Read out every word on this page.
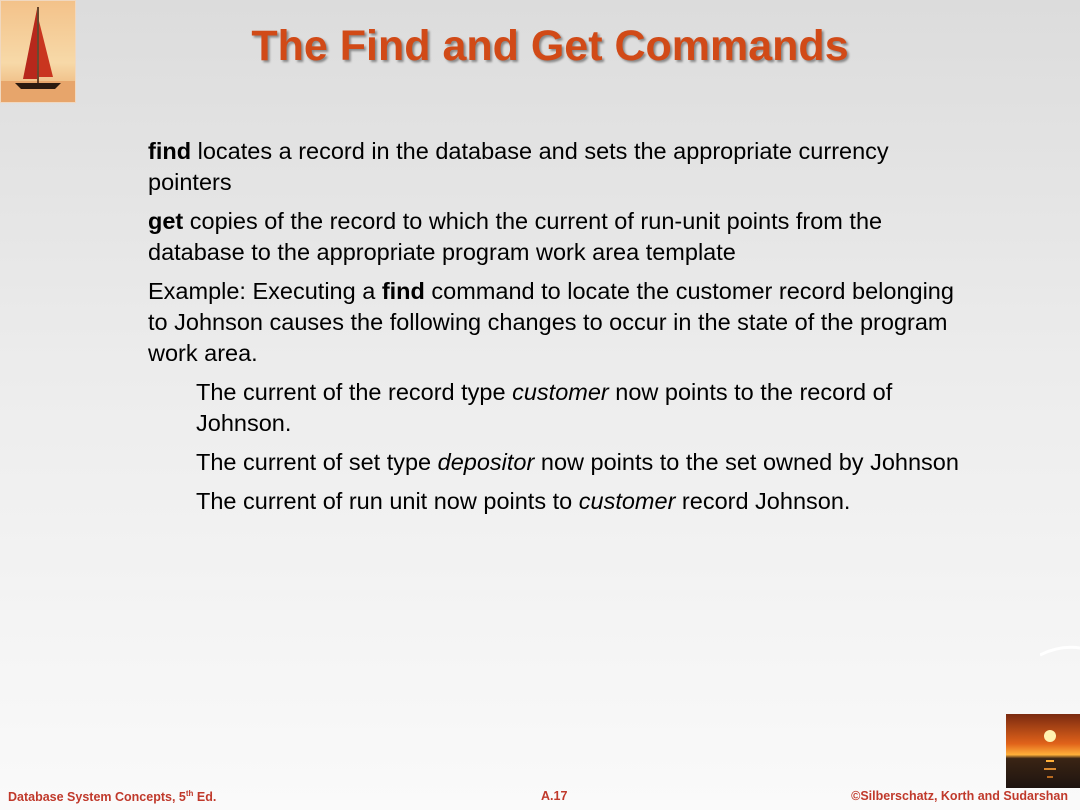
The Find and Get Commands

find locates a record in the database and sets the appropriate currency pointers

get copies of the record to which the current of run-unit points from the database to the appropriate program work area template

Example: Executing a find command to locate the customer record belonging to Johnson causes the following changes to occur in the state of the program work area.

The current of the record type customer now points to the record of Johnson.

The current of set type depositor now points to the set owned by Johnson

The current of run unit now points to customer record Johnson.

Database System Concepts, 5th Ed.	A.17	©Silberschatz, Korth and Sudarshan
